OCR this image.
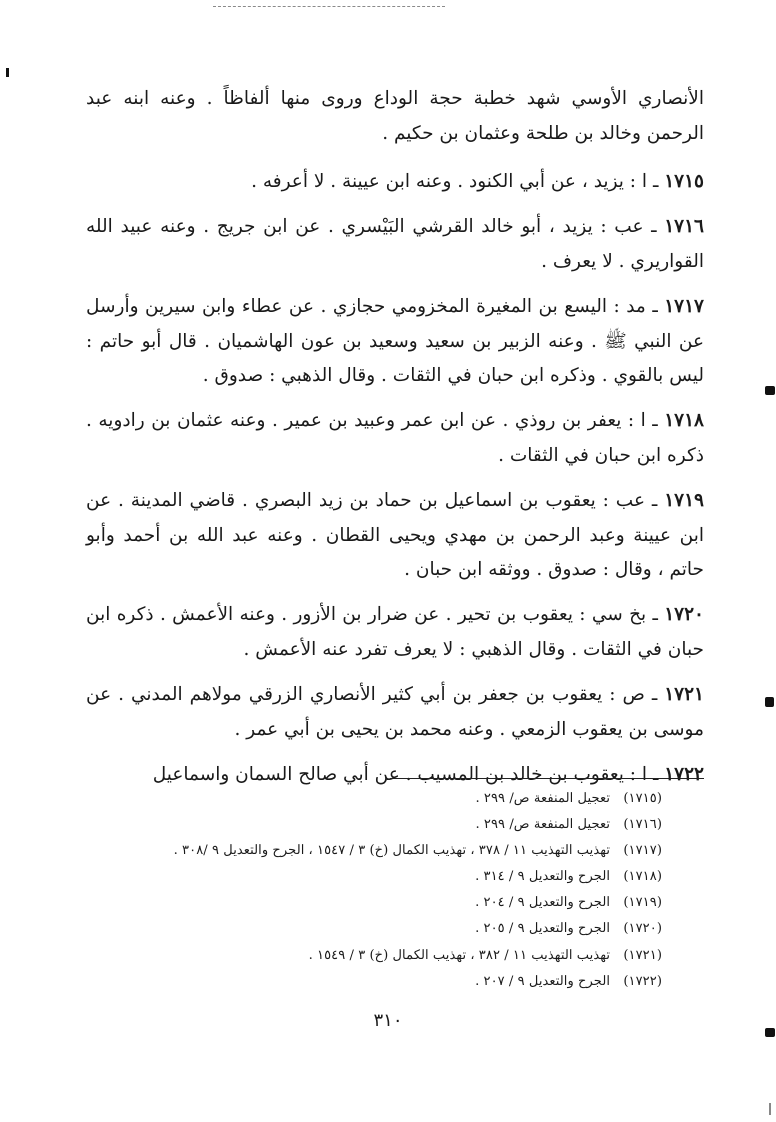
الأنصاري الأوسي شهد خطبة حجة الوداع وروى منها ألفاظاً . وعنه ابنه عبد الرحمن وخالد بن طلحة وعثمان بن حكيم .
١٧١٥ ـ ا : يزيد ، عن أبي الكنود . وعنه ابن عيينة . لا أعرفه .
١٧١٦ ـ عب : يزيد ، أبو خالد القرشي البَيْسري . عن ابن جريج . وعنه عبيد الله القواريري . لا يعرف .
١٧١٧ ـ مد : اليسع بن المغيرة المخزومي حجازي . عن عطاء وابن سيرين وأرسل عن النبي ﷺ . وعنه الزبير بن سعيد وسعيد بن عون الهاشميان . قال أبو حاتم : ليس بالقوي . وذكره ابن حبان في الثقات . وقال الذهبي : صدوق .
١٧١٨ ـ ا : يعفر بن روذي . عن ابن عمر وعبيد بن عمير . وعنه عثمان بن رادويه . ذكره ابن حبان في الثقات .
١٧١٩ ـ عب : يعقوب بن اسماعيل بن حماد بن زيد البصري . قاضي المدينة . عن ابن عيينة وعبد الرحمن بن مهدي ويحيى القطان . وعنه عبد الله بن أحمد وأبو حاتم ، وقال : صدوق . ووثقه ابن حبان .
١٧٢٠ ـ بخ سي : يعقوب بن تحير . عن ضرار بن الأزور . وعنه الأعمش . ذكره ابن حبان في الثقات . وقال الذهبي : لا يعرف تفرد عنه الأعمش .
١٧٢١ ـ ص : يعقوب بن جعفر بن أبي كثير الأنصاري الزرقي مولاهم المدني . عن موسى بن يعقوب الزمعي . وعنه محمد بن يحيى بن أبي عمر .
١٧٢٢ ـ ا : يعقوب بن خالد بن المسيب . عن أبي صالح السمان واسماعيل
(١٧١٥)تعجيل المنفعة ص/ ٢٩٩ .
(١٧١٦)تعجيل المنفعة ص/ ٢٩٩ .
(١٧١٧)تهذيب التهذيب ١١ / ٣٧٨ ، تهذيب الكمال (خ) ٣ / ١٥٤٧ ، الجرح والتعديل ٩ /٣٠٨ .
(١٧١٨)الجرح والتعديل ٩ / ٣١٤ .
(١٧١٩)الجرح والتعديل ٩ / ٢٠٤ .
(١٧٢٠)الجرح والتعديل ٩ / ٢٠٥ .
(١٧٢١)تهذيب التهذيب ١١ / ٣٨٢ ، تهذيب الكمال (خ) ٣ / ١٥٤٩ .
(١٧٢٢)الجرح والتعديل ٩ / ٢٠٧ .
٣١٠
